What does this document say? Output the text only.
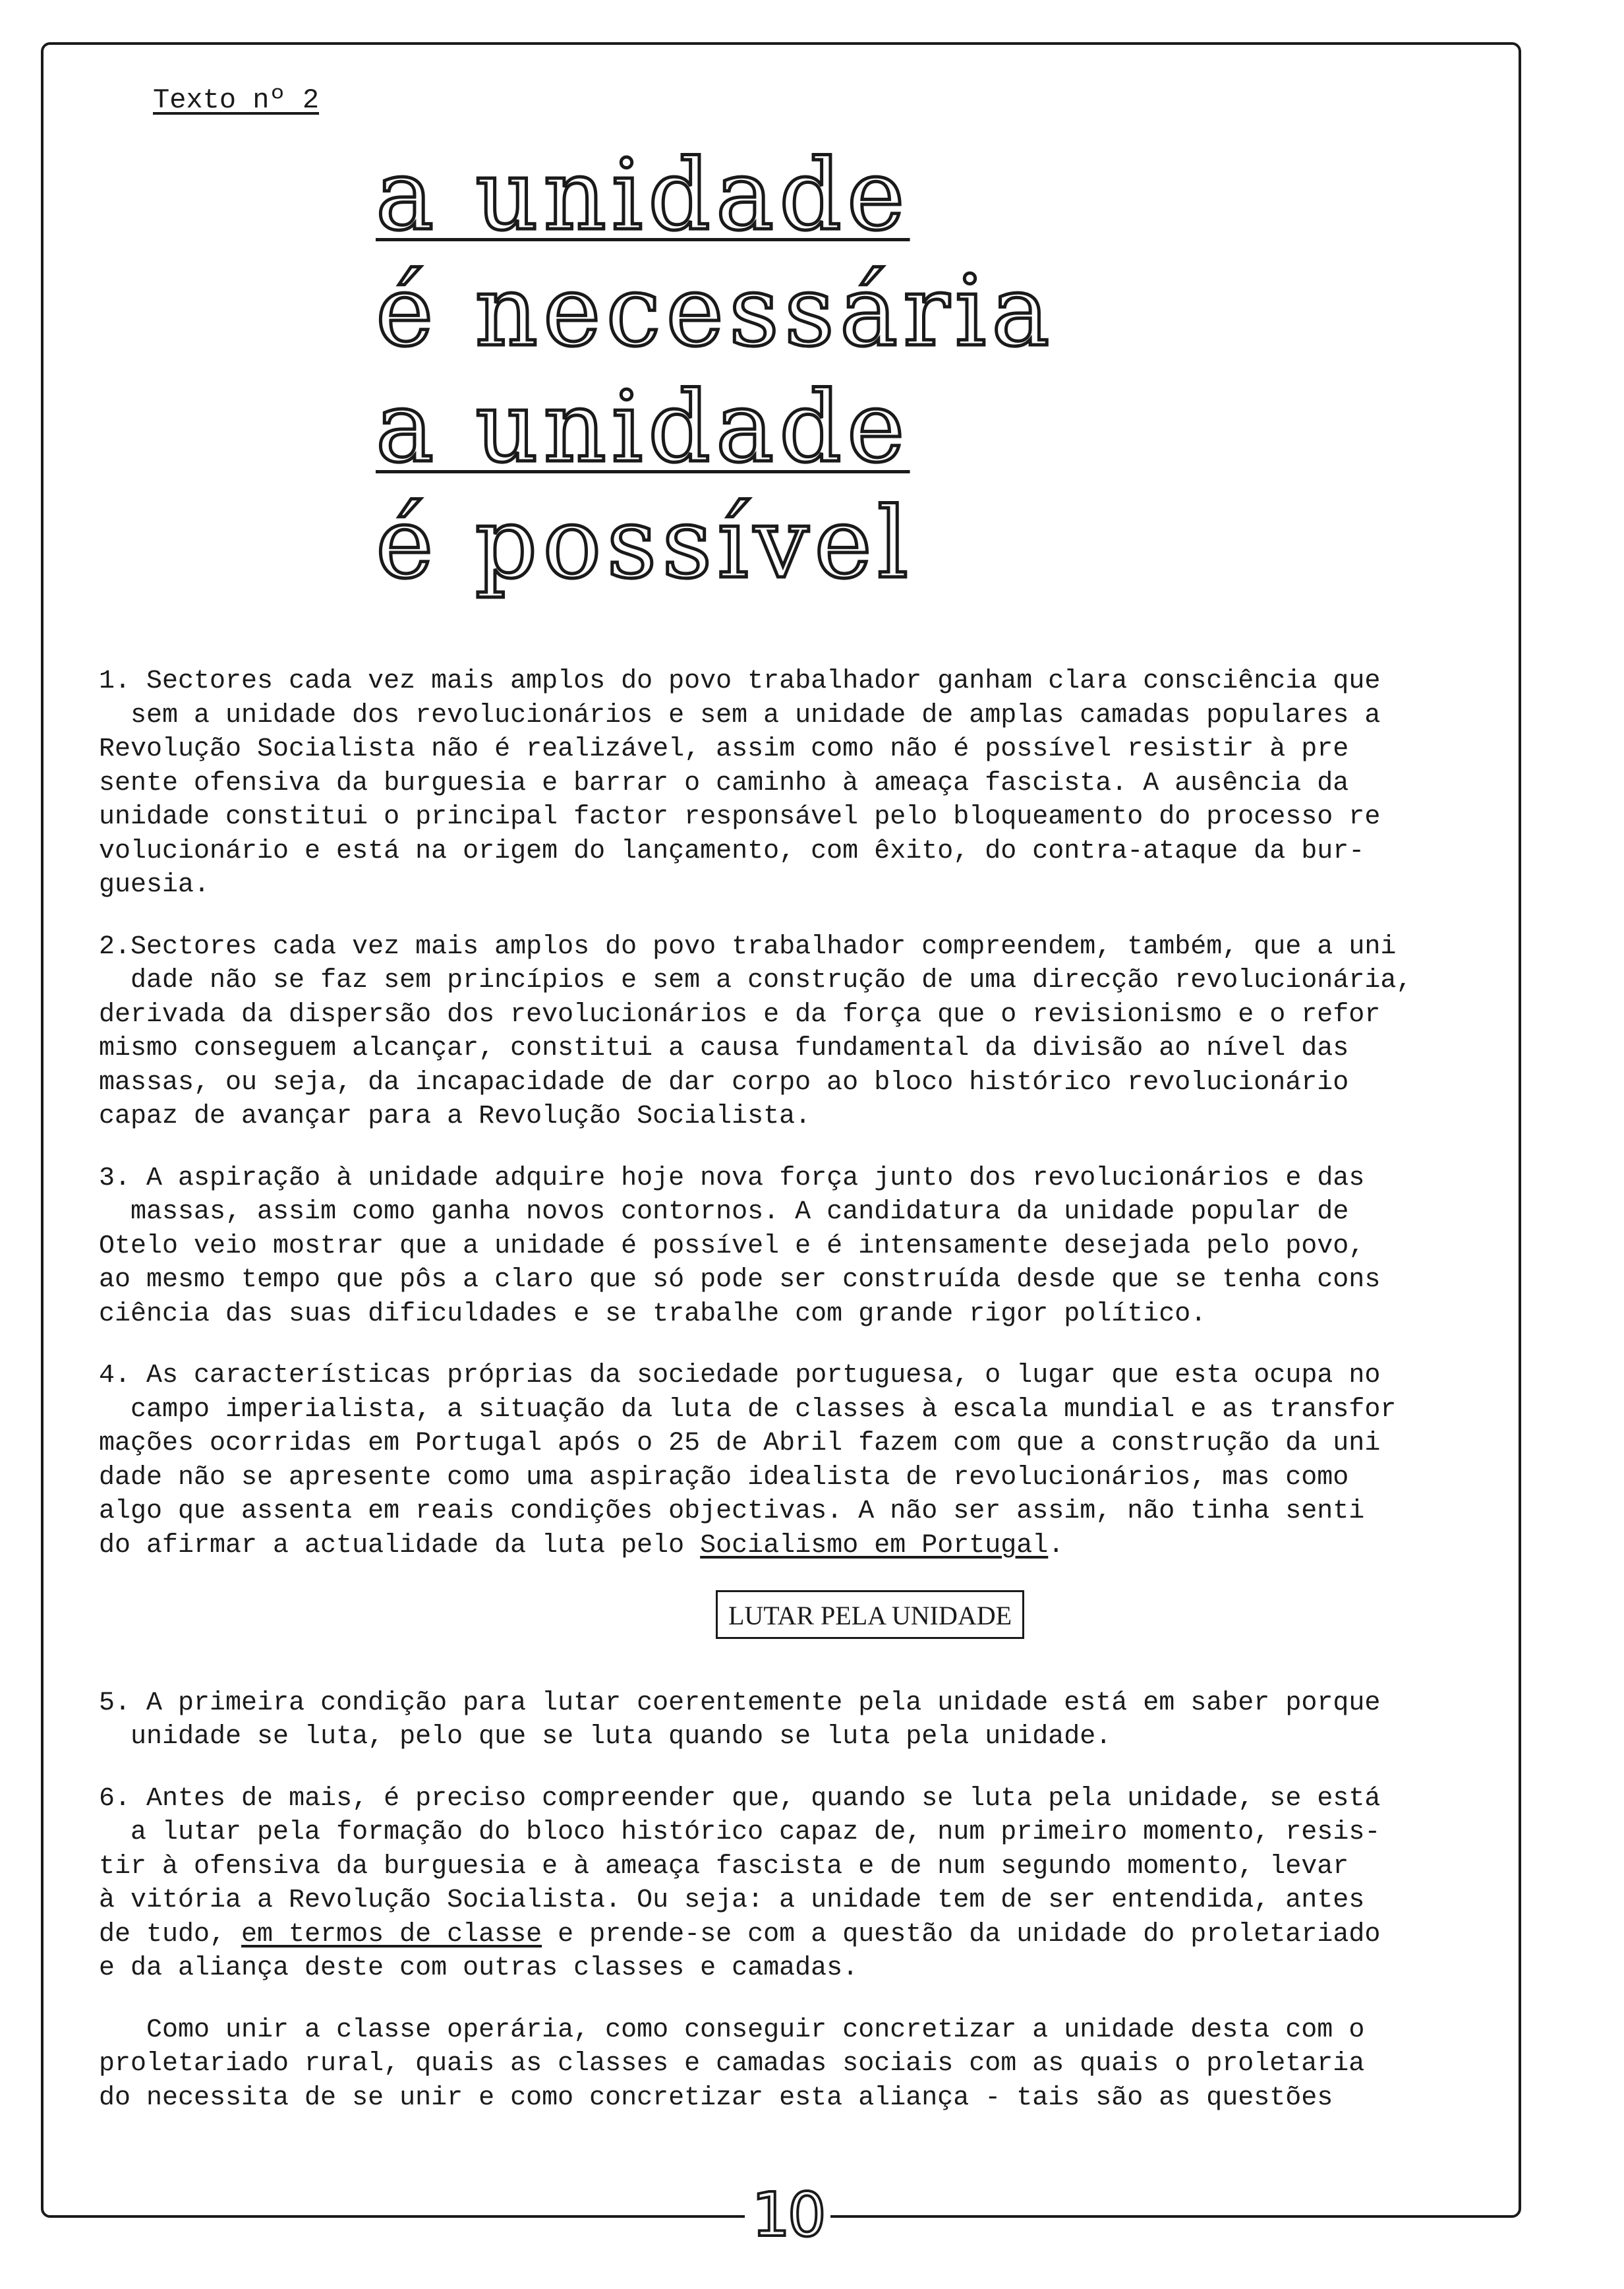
Texto nº 2
a unidade
é necessária
a unidade
é possível
1. Sectores cada vez mais amplos do povo trabalhador ganham clara consciência que
sem a unidade dos revolucionários e sem a unidade de amplas camadas populares a
Revolução Socialista não é realizável, assim como não é possível resistir à pre
sente ofensiva da burguesia e barrar o caminho à ameaça fascista. A ausência da
unidade constitui o principal factor responsável pelo bloqueamento do processo re
volucionário e está na origem do lançamento, com êxito, do contra-ataque da bur-
guesia.
2.Sectores cada vez mais amplos do povo trabalhador compreendem, também, que a uni
dade não se faz sem princípios e sem a construção de uma direcção revolucionária,
derivada da dispersão dos revolucionários e da força que o revisionismo e o refor
mismo conseguem alcançar, constitui a causa fundamental da divisão ao nível das
massas, ou seja, da incapacidade de dar corpo ao bloco histórico revolucionário
capaz de avançar para a Revolução Socialista.
3. A aspiração à unidade adquire hoje nova força junto dos revolucionários e das
massas, assim como ganha novos contornos. A candidatura da unidade popular de
Otelo veio mostrar que a unidade é possível e é intensamente desejada pelo povo,
ao mesmo tempo que pôs a claro que só pode ser construída desde que se tenha cons
ciência das suas dificuldades e se trabalhe com grande rigor político.
4. As características próprias da sociedade portuguesa, o lugar que esta ocupa no
campo imperialista, a situação da luta de classes à escala mundial e as transfor
mações ocorridas em Portugal após o 25 de Abril fazem com que a construção da uni
dade não se apresente como uma aspiração idealista de revolucionários, mas como
algo que assenta em reais condições objectivas. A não ser assim, não tinha senti
do afirmar a actualidade da luta pelo Socialismo em Portugal.
LUTAR PELA UNIDADE
5. A primeira condição para lutar coerentemente pela unidade está em saber porque
unidade se luta, pelo que se luta quando se luta pela unidade.
6. Antes de mais, é preciso compreender que, quando se luta pela unidade, se está
a lutar pela formação do bloco histórico capaz de, num primeiro momento, resis-
tir à ofensiva da burguesia e à ameaça fascista e de num segundo momento, levar
à vitória a Revolução Socialista. Ou seja: a unidade tem de ser entendida, antes
de tudo, em termos de classe e prende-se com a questão da unidade do proletariado
e da aliança deste com outras classes e camadas.
Como unir a classe operária, como conseguir concretizar a unidade desta com o
proletariado rural, quais as classes e camadas sociais com as quais o proletaria
do necessita de se unir e como concretizar esta aliança - tais são as questões
10
